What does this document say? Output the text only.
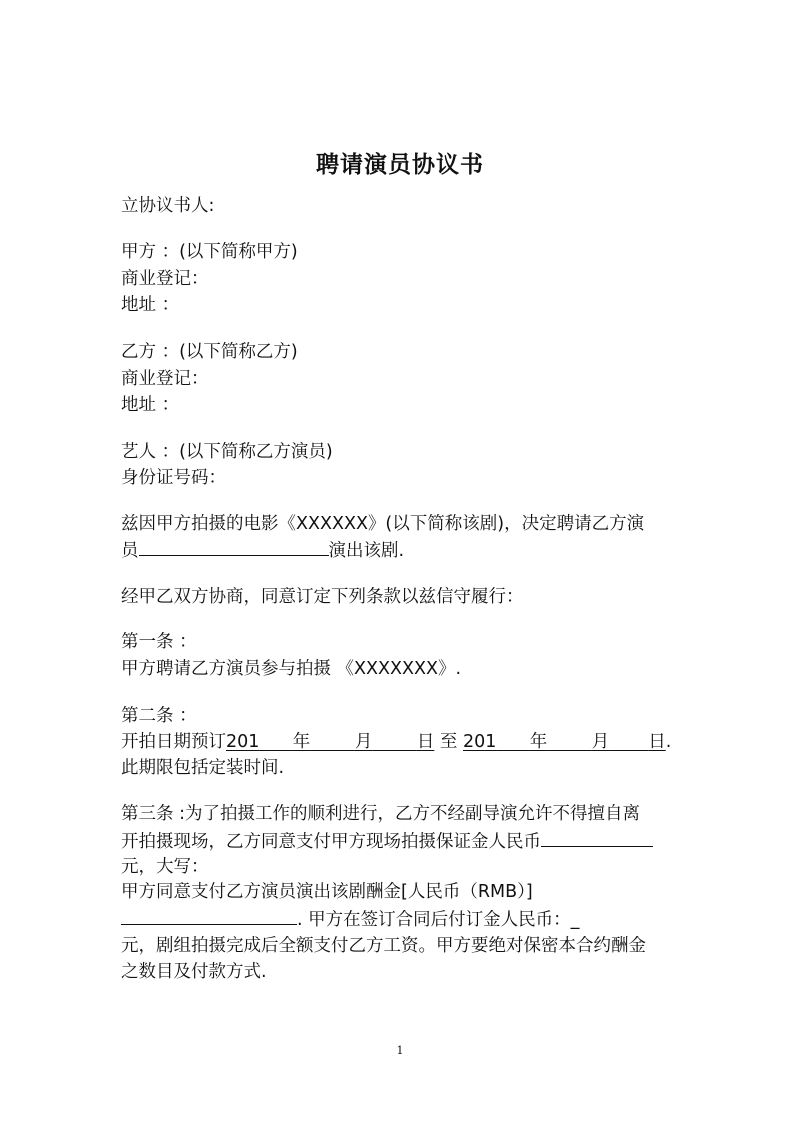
聘请演员协议书
立协议书人:
甲方 ：(以下简称甲方)
商业登记：
地址 ：
乙方 ：(以下简称乙方)
商业登记：
地址 ：
艺人 ：(以下简称乙方演员)
身份证号码：
兹因甲方拍摄的电影《XXXXXX》(以下简称该剧)，决定聘请乙方演
员	演出该剧.
经甲乙双方协商，同意订定下列条款以兹信守履行：
第一条 ：
甲方聘请乙方演员参与拍摄 《XXXXXXX》.
第二条 ：
开拍日期预订201 年	月	日 至 201 年	月 日.
此期限包括定装时间.
第三条 :为了拍摄工作的顺利进行，乙方不经副导演允许不得擅自离
开拍摄现场，乙方同意支付甲方现场拍摄保证金人民币
元，大写：
甲方同意支付乙方演员演出该剧酬金[人民币（RMB）]
. 甲方在签订合同后付订金人民币：_
元，剧组拍摄完成后全额支付乙方工资。甲方要绝对保密本合约酬金
之数目及付款方式.
1
